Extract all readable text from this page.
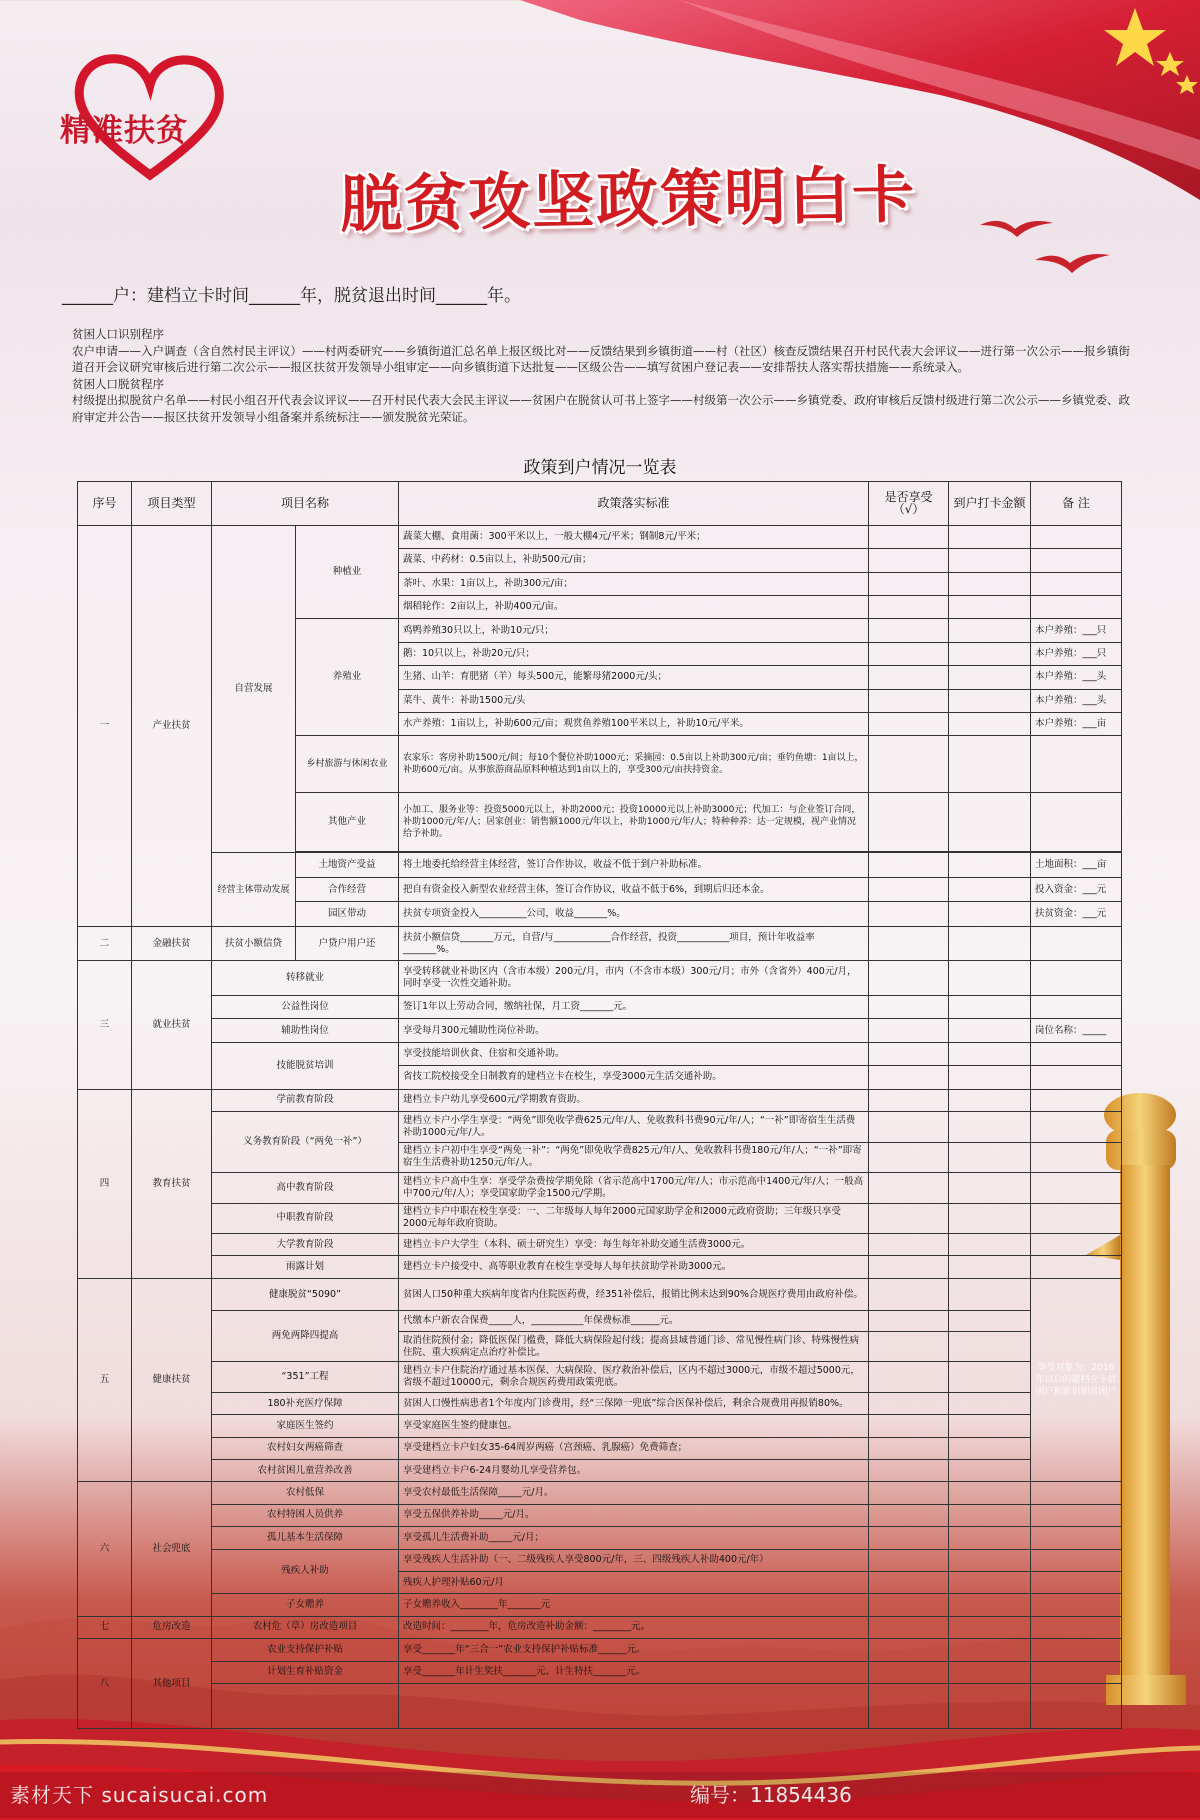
精准扶贫
脱贫攻坚政策明白卡
______户：建档立卡时间______年，脱贫退出时间______年。
贫困人口识别程序
农户申请——入户调查（含自然村民主评议）——村两委研究——乡镇街道汇总名单上报区级比对——反馈结果到乡镇街道——村（社区）核查反馈结果召开村民代表大会评议——进行第一次公示——报乡镇街道召开会议研究审核后进行第二次公示——报区扶贫开发领导小组审定——向乡镇街道下达批复——区级公告——填写贫困户登记表——安排帮扶人落实帮扶措施——系统录入。
贫困人口脱贫程序
村级提出拟脱贫户名单——村民小组召开代表会议评议——召开村民代表大会民主评议——贫困户在脱贫认可书上签字——村级第一次公示——乡镇党委、政府审核后反馈村级进行第二次公示——乡镇党委、政府审定并公告——报区扶贫开发领导小组备案并系统标注——颁发脱贫光荣证。
政策到户情况一览表
序号	项目类型	项目名称		政策落实标准	是否享受（√）	到户打卡金额	备 注
一	产业扶贫	自营发展	种植业	蔬菜大棚、食用菌：300平米以上，一般大棚4元/平米；钢制8元/平米；			
				蔬菜、中药材：0.5亩以上，补助500元/亩；			
				茶叶、水果：1亩以上，补助300元/亩；			
				烟稻轮作：2亩以上，补助400元/亩。			
			养殖业	鸡鸭养殖30只以上，补助10元/只；			本户养殖：___只
				鹅：10只以上，补助20元/只；			本户养殖：___只
				生猪、山羊：育肥猪（羊）每头500元，能繁母猪2000元/头；			本户养殖：___头
				菜牛、黄牛：补助1500元/头			本户养殖：___头
				水产养殖：1亩以上，补助600元/亩；观赏鱼养殖100平米以上，补助10元/平米。			本户养殖：___亩
			乡村旅游与休闲农业	农家乐：客房补助1500元/间；每10个餐位补助1000元；采摘园：0.5亩以上补助300元/亩；垂钓鱼塘：1亩以上，补助600元/亩。从事旅游商品原料种植达到1亩以上的，享受300元/亩扶持资金。			
			其他产业	小加工、服务业等：投资5000元以上，补助2000元；投资10000元以上补助3000元；代加工：与企业签订合同，补助1000元/年/人；居家创业：销售额1000元/年以上，补助1000元/年/人；特种种养：达一定规模，视产业情况给予补助。			

		经营主体带动发展	土地资产受益	将土地委托给经营主体经营，签订合作协议，收益不低于到户补助标准。			土地面积：___亩
			合作经营	把自有资金投入新型农业经营主体，签订合作协议，收益不低于6%，到期后归还本金。			投入资金：___元
			园区带动	扶贫专项资金投入__________公司，收益_______%。			扶贫资金：___元
二	金融扶贫	扶贫小额信贷	户贷户用户还	扶贫小额信贷_______万元，自营/与____________合作经营，投资___________项目，预计年收益率_______%。			
三	就业扶贫	转移就业		享受转移就业补助区内（含市本级）200元/月，市内（不含市本级）300元/月；市外（含省外）400元/月，同时享受一次性交通补助。			
		公益性岗位		签订1年以上劳动合同，缴纳社保，月工资_______元。			
		辅助性岗位		享受每月300元辅助性岗位补助。			岗位名称：_____
		技能脱贫培训		享受技能培训伙食、住宿和交通补助。			
				省技工院校接受全日制教育的建档立卡在校生，享受3000元生活交通补助。			
四	教育扶贫	学前教育阶段		建档立卡户幼儿享受600元/学期教育资助。			
		义务教育阶段（“两免一补”）		建档立卡户小学生享受：“两免”即免收学费625元/年/人、免收教科书费90元/年/人；“一补”即寄宿生生活费补助1000元/年/人。			
				建档立卡户初中生享受“两免一补”：“两免”即免收学费825元/年/人、免收教科书费180元/年/人；“一补”即寄宿生生活费补助1250元/年/人。			
		高中教育阶段		建档立卡户高中生享：享受学杂费按学期免除（省示范高中1700元/年/人；市示范高中1400元/年/人；一般高中700元/年/人）；享受国家助学金1500元/学期。			
		中职教育阶段		建档立卡户中职在校生享受：一、二年级每人每年2000元国家助学金和2000元政府资助；三年级只享受2000元每年政府资助。			
		大学教育阶段		建档立卡户大学生（本科、硕士研究生）享受：每生每年补助交通生活费3000元。			
		雨露计划		建档立卡户接受中、高等职业教育在校生享受每人每年扶贫助学补助3000元。			
五	健康扶贫	健康脱贫“5090”		贫困人口50种重大疾病年度省内住院医药费，经351补偿后，报销比例未达到90%合规医疗费用由政府补偿。			享受对象为：2016年以后的建档立卡贫困户和新识别贫困户
		两免两降四提高		代缴本户新农合保费_____人，___________年保费标准______元。			
				取消住院预付金；降低医保门槛费，降低大病保险起付线；提高县域普通门诊、常见慢性病门诊、特殊慢性病住院、重大疾病定点治疗补偿比。			
		“351”工程		建档立卡户住院治疗通过基本医保、大病保险、医疗救治补偿后，区内不超过3000元，市级不超过5000元，省级不超过10000元，剩余合规医药费用政策兜底。			
		180补充医疗保障		贫困人口慢性病患者1个年度内门诊费用，经“三保障一兜底”综合医保补偿后，剩余合规费用再报销80%。			
		家庭医生签约		享受家庭医生签约健康包。			
		农村妇女两癌筛查		享受建档立卡户妇女35-64周岁两癌（宫颈癌、乳腺癌）免费筛查；			
		农村贫困儿童营养改善		享受建档立卡户6-24月婴幼儿享受营养包。			
六	社会兜底	农村低保		享受农村最低生活保障_____元/月。			
		农村特困人员供养		享受五保供养补助_____元/月。			
		孤儿基本生活保障		享受孤儿生活费补助_____元/月；			
		残疾人补助		享受残疾人生活补助（一、二级残疾人享受800元/年，三、四级残疾人补助400元/年）			
				残疾人护理补贴60元/月			
		子女赡养		子女赡养收入________年_______元			
七	危房改造	农村危（草）房改造项目		改造时间：________年，危房改造补助金额：________元。			
八	其他项目	农业支持保护补贴		享受_______年“三合一”农业支持保护补贴标准______元。			
		计划生育补贴资金		享受_______年计生奖扶_______元、计生特扶_______元。			

素材天下 sucaisucai.com	编号：11854436
